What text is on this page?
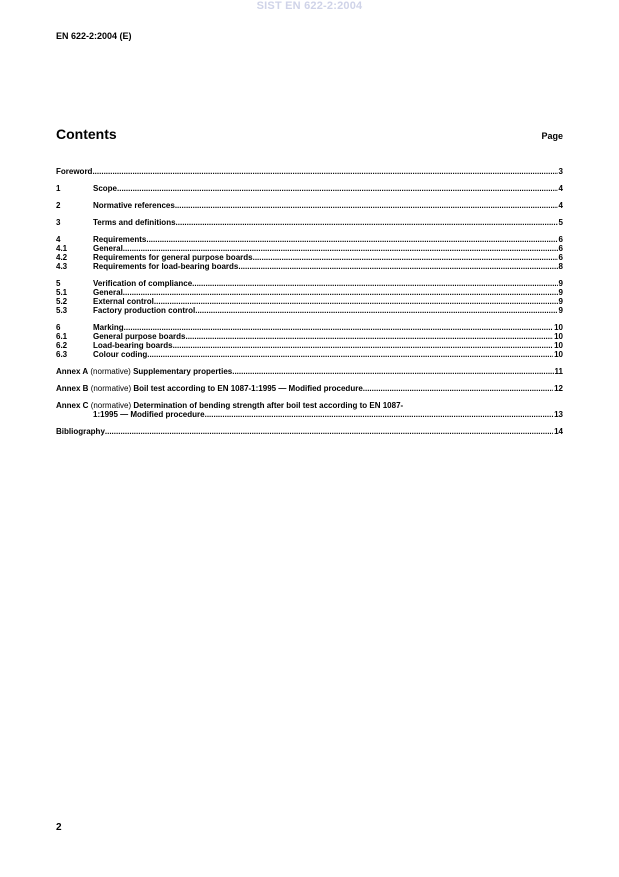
SIST EN 622-2:2004
EN 622-2:2004 (E)
Contents	Page
Foreword .....	3
1	Scope .....	4
2	Normative references .....	4
3	Terms and definitions .....	5
4	Requirements .....	6
4.1	General .....	6
4.2	Requirements for general purpose boards .....	6
4.3	Requirements for load-bearing boards .....	8
5	Verification of compliance .....	9
5.1	General .....	9
5.2	External control .....	9
5.3	Factory production control .....	9
6	Marking .....	10
6.1	General purpose boards .....	10
6.2	Load-bearing boards .....	10
6.3	Colour coding .....	10
Annex A (normative) Supplementary properties .....	11
Annex B (normative) Boil test according to EN 1087-1:1995 — Modified procedure .....	12
Annex C (normative) Determination of bending strength after boil test according to EN 1087-
1:1995 — Modified procedure .....	13
Bibliography .....	14
2
